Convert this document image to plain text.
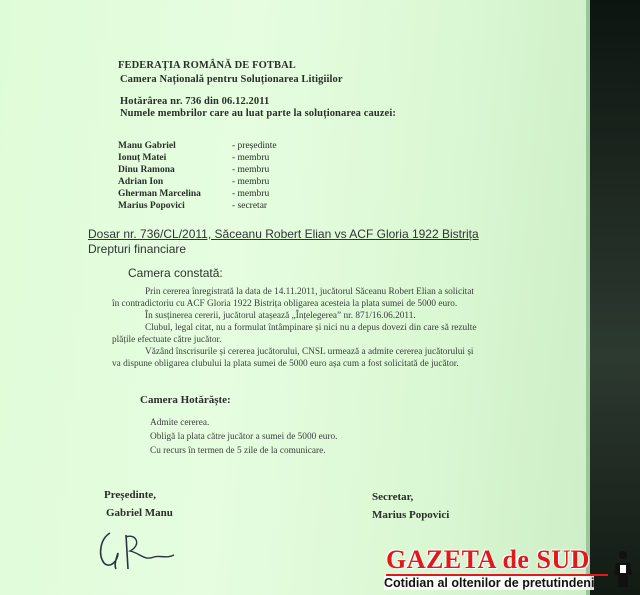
FEDERAȚIA ROMÂNĂ DE FOTBAL
Camera Națională pentru Soluționarea Litigiilor
Hotărârea nr. 736 din 06.12.2011
Numele membrilor care au luat parte la soluționarea cauzei:
Manu Gabriel	- președinte
Ionuț Matei	- membru
Dinu Ramona	- membru
Adrian Ion	- membru
Gherman Marcelina	- membru
Marius Popovici	- secretar
Dosar nr. 736/CL/2011, Săceanu Robert Elian vs ACF Gloria 1922 Bistrița
Drepturi financiare
Camera constată:
Prin cererea înregistrată la data de 14.11.2011, jucătorul Săceanu Robert Elian a solicitat
în contradictoriu cu ACF Gloria 1922 Bistrița obligarea acesteia la plata sumei de 5000 euro.
În susținerea cererii, jucătorul atașează „Înțelegerea” nr. 871/16.06.2011.
Clubul, legal citat, nu a formulat întâmpinare și nici nu a depus dovezi din care să rezulte
plățile efectuate către jucător.
Văzând înscrisurile și cererea jucătorului, CNSL urmează a admite cererea jucătorului și
va dispune obligarea clubului la plata sumei de 5000 euro așa cum a fost solicitată de jucător.
Camera Hotărăște:
Admite cererea.
Obligă la plata către jucător a sumei de 5000 euro.
Cu recurs în termen de 5 zile de la comunicare.
Președinte,
Gabriel Manu
Secretar,
Marius Popovici
GAZETA de SUD
Cotidian al oltenilor de pretutindeni
